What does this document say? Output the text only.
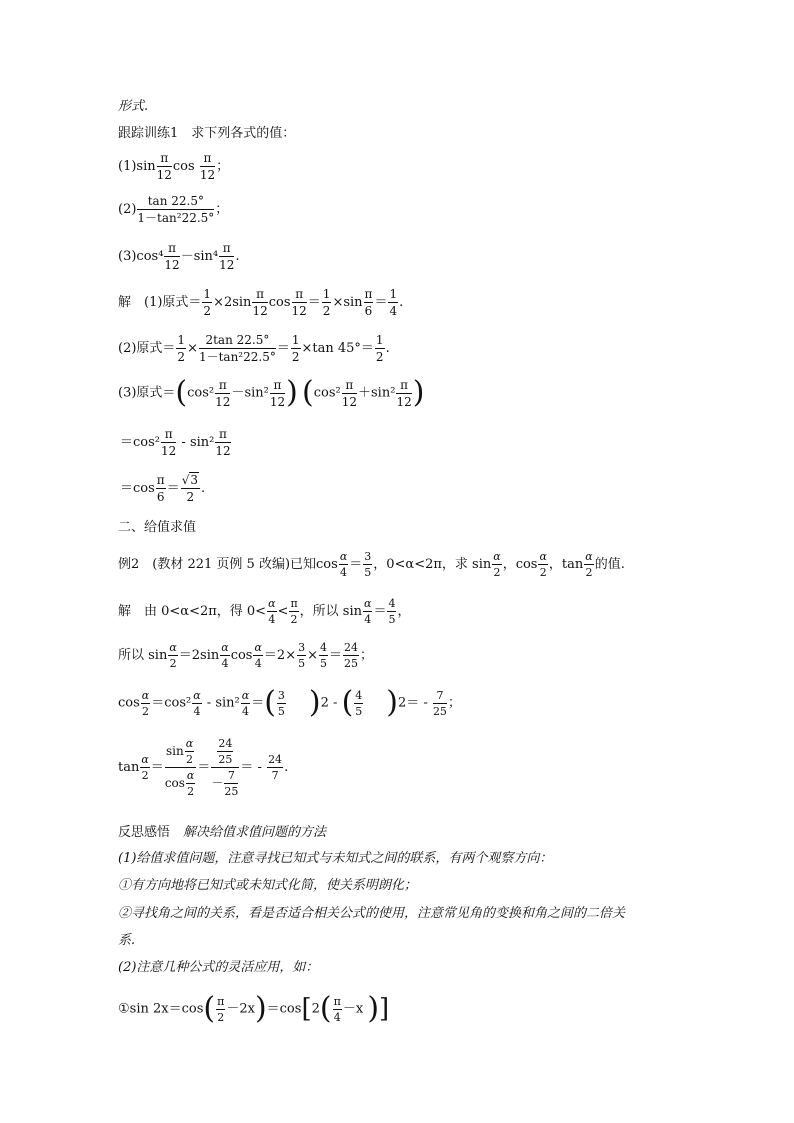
形式.
跟踪训练1　求下列各式的值：
$(1)\sin \frac{\pi}{12}$ $\cos \frac{\pi}{12}$ ；
$(2) \frac{\tan 22.5^\circ}{\text{1－tan²22.5°}}$ ；
$(3)\cos^4 \frac{\pi}{12} -\sin^4 \frac{\pi}{12}$ .
解　(1)原式＝ $\frac{1}{2} \times 2\sin \frac{\pi}{12}$ $\cos \frac{\pi}{12} = \frac{1}{2} \times\sin \frac{\pi}{6} = \frac{1}{4}$ .
(2)原式＝ $\frac{1}{2} \times \frac{2\tan 22.5^\circ}{\text{1－tan²22.5°}} = \frac{1}{2} \times\tan$ $45^\circ= \frac{1}{2}$ .
(3)原式$=(\cos^2 \frac{\pi}{12} -\sin^2 \frac{\pi}{12}$ ) ($\cos^2 \frac{\pi}{12} +\sin^2 \frac{\pi}{12}$ )
$=\cos^2 \frac{\pi}{12} - \sin^2 \frac{\pi}{12}$
$=\cos \frac{\pi}{6} = \frac{√3}{2}$ .
二、给值求值
例2　(教材 221 页例 5 改编)已知$\cos \frac{\alpha}{4} = \frac{3}{5}$ ，0<α<2π，求 $\sin \frac{\alpha}{2}$ ，$\cos \frac{\alpha}{2}$ ，$\tan \frac{\alpha}{2}$ 的值.
解　由 0<α<2π，得 $0< \frac{\alpha}{4} < \frac{\pi}{2}$ ，所以 $\sin \frac{\alpha}{4} = \frac{4}{5}$ ，
所以 $\sin \frac{\alpha}{2} =2\sin \frac{\alpha}{4}$ $\cos \frac{\alpha}{4} =2\times \frac{3}{5} \times \frac{4}{5} = \frac{24}{25}$ ；
$\cos \frac{\alpha}{2} =\cos^2 \frac{\alpha}{4} - \sin^2 \frac{\alpha}{4}$ ＝( $\frac{3}{5} )2$ - ( $\frac{4}{5} )2= - \frac{7}{25}$ ；
$\tan \frac{\alpha}{2} = \frac{\sin \frac{\alpha}{2}}{\cos \frac{\alpha}{2}} = \frac{\frac{24}{25}}{- \frac{7}{25}}$ ＝ - $\frac{24}{7}$ .
反思感悟　 解决给值求值问题的方法
(1)给值求值问题，注意寻找已知式与未知式之间的联系，有两个观察方向：
①有方向地将已知式或未知式化简，使关系明朗化；
②寻找角之间的关系，看是否适合相关公式的使用，注意常见角的变换和角之间的二倍关
系.
(2)注意几种公式的灵活应用，如：
①sin $2x=\cos( \frac{\pi}{2} -2x)=\cos[2( \frac{\pi}{4} -x$ )]
